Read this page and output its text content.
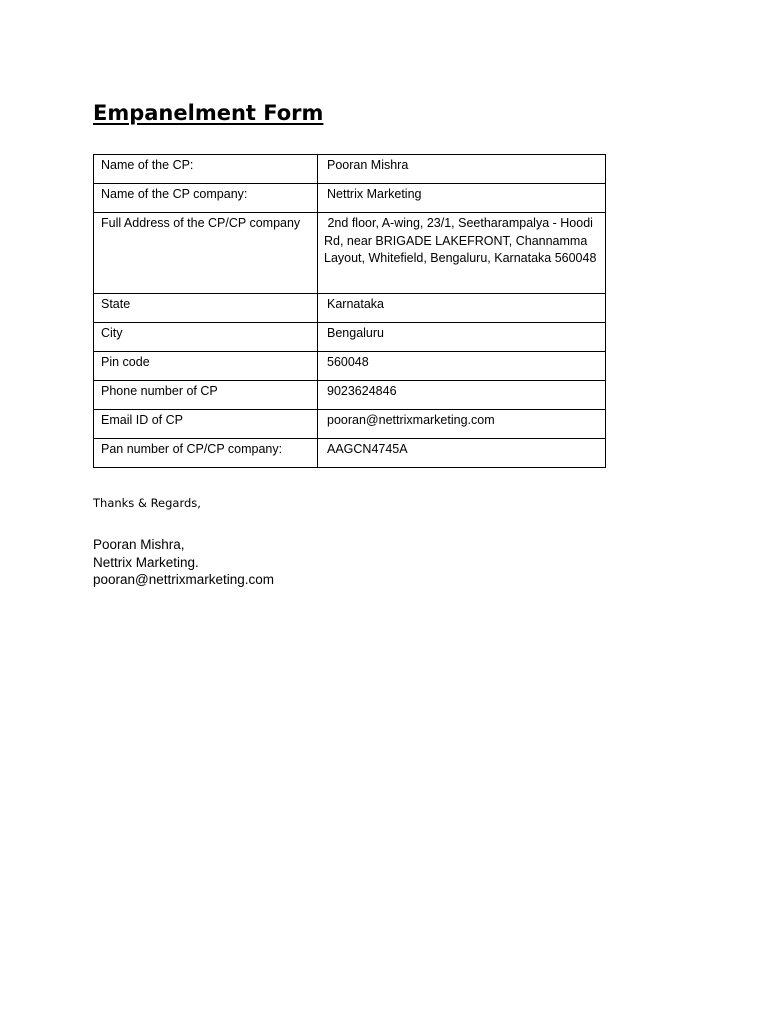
Empanelment Form
Name of the CP:	Pooran Mishra
Name of the CP company:	Nettrix Marketing
Full Address of the CP/CP company	2nd floor, A-wing, 23/1, Seetharampalya - Hoodi Rd, near BRIGADE LAKEFRONT, Channamma Layout, Whitefield, Bengaluru, Karnataka 560048
State	Karnataka
City	Bengaluru
Pin code	560048
Phone number of CP	9023624846
Email ID of CP	pooran@nettrixmarketing.com
Pan number of CP/CP company:	AAGCN4745A
Thanks & Regards,
Pooran Mishra,
Nettrix Marketing.
pooran@nettrixmarketing.com
